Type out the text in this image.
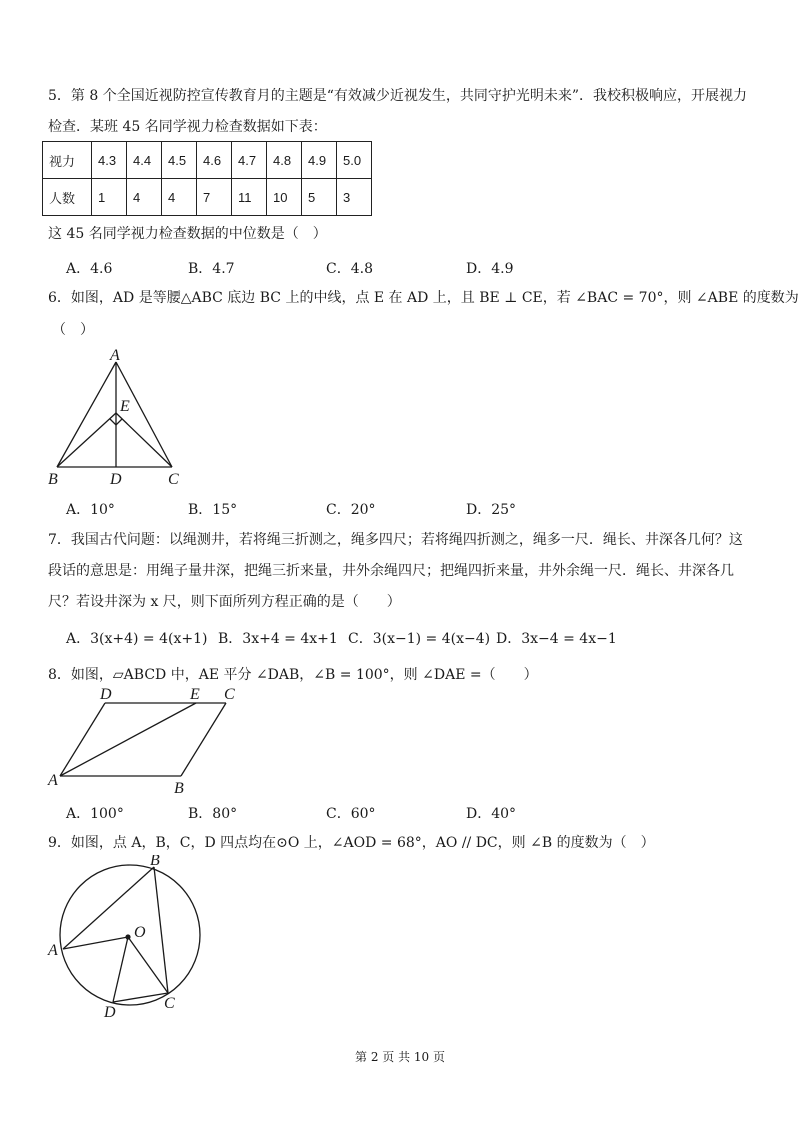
5．第 8 个全国近视防控宣传教育月的主题是“有效减少近视发生，共同守护光明未来”．我校积极响应，开展视力
检查．某班 45 名同学视力检查数据如下表：
视力	4.3	4.4	4.5	4.6	4.7	4.8	4.9	5.0
人数	1	4	4	7	11	10	5	3
这 45 名同学视力检查数据的中位数是（　）
A．4.6	B．4.7	C．4.8	D．4.9
6．如图，AD 是等腰△ABC 底边 BC 上的中线，点 E 在 AD 上，且 BE ⊥ CE，若 ∠BAC = 70°，则 ∠ABE 的度数为
（　）
A
E
B	D	C
A．10°	B．15°	C．20°	D．25°
7．我国古代问题：以绳测井，若将绳三折测之，绳多四尺；若将绳四折测之，绳多一尺．绳长、井深各几何？这
段话的意思是：用绳子量井深，把绳三折来量，井外余绳四尺；把绳四折来量，井外余绳一尺．绳长、井深各几
尺？若设井深为 x 尺，则下面所列方程正确的是（　　）
A．3(x+4) = 4(x+1) B．3x+4 = 4x+1 C．3(x−1) = 4(x−4) D．3x−4 = 4x−1
8．如图，▱ABCD 中，AE 平分 ∠DAB，∠B = 100°，则 ∠DAE =（　　）
D	E C
A	B
A．100°	B．80°	C．60°	D．40°
9．如图，点 A，B，C，D 四点均在⊙O 上，∠AOD = 68°，AO // DC，则 ∠B 的度数为（　）
B
O
A
C
D
第 2 页 共 10 页
